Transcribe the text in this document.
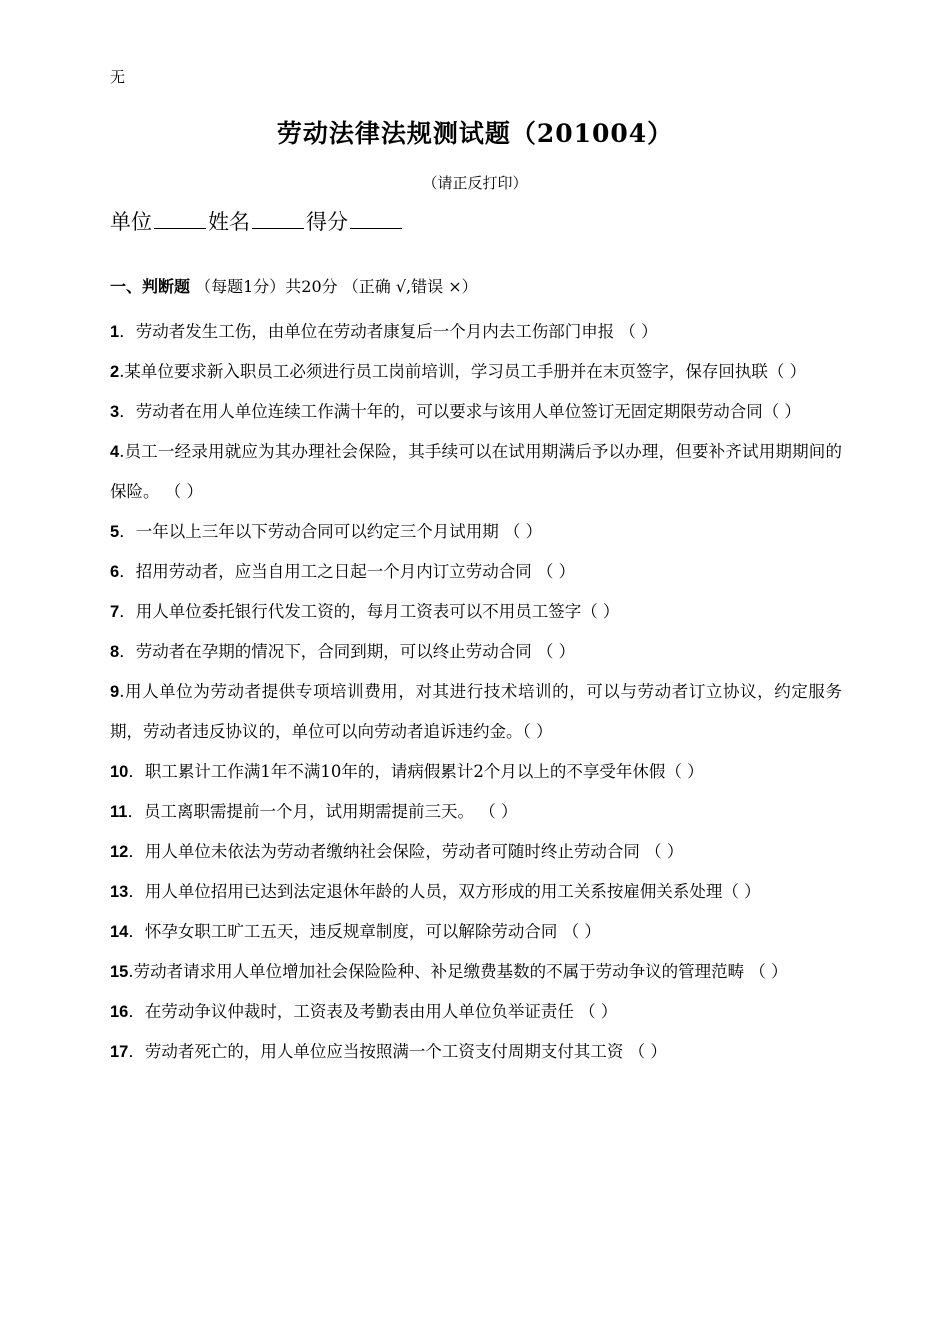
无
劳动法律法规测试题（201004）
（请正反打印）
单位	姓名	得分
一、判断题 （每题1分）共20分 （正确 √,错误 ×）

1．劳动者发生工伤，由单位在劳动者康复后一个月内去工伤部门申报 （ ）

2.某单位要求新入职员工必须进行员工岗前培训，学习员工手册并在末页签字，保存回执联（ ）

3．劳动者在用人单位连续工作满十年的，可以要求与该用人单位签订无固定期限劳动合同（ ）

4.员工一经录用就应为其办理社会保险，其手续可以在试用期满后予以办理，但要补齐试用期期间的保险。 （ ）

5．一年以上三年以下劳动合同可以约定三个月试用期 （ ）

6．招用劳动者，应当自用工之日起一个月内订立劳动合同 （ ）

7．用人单位委托银行代发工资的，每月工资表可以不用员工签字（ ）

8．劳动者在孕期的情况下，合同到期，可以终止劳动合同 （ ）

9.用人单位为劳动者提供专项培训费用，对其进行技术培训的，可以与劳动者订立协议，约定服务期，劳动者违反协议的，单位可以向劳动者追诉违约金。（ ）

10．职工累计工作满1年不满10年的，请病假累计2个月以上的不享受年休假（ ）

11．员工离职需提前一个月，试用期需提前三天。 （ ）

12．用人单位未依法为劳动者缴纳社会保险，劳动者可随时终止劳动合同 （ ）

13．用人单位招用已达到法定退休年龄的人员，双方形成的用工关系按雇佣关系处理（ ）

14．怀孕女职工旷工五天，违反规章制度，可以解除劳动合同 （ ）

15.劳动者请求用人单位增加社会保险险种、补足缴费基数的不属于劳动争议的管理范畴 （ ）

16．在劳动争议仲裁时，工资表及考勤表由用人单位负举证责任 （ ）

17．劳动者死亡的，用人单位应当按照满一个工资支付周期支付其工资 （ ）
